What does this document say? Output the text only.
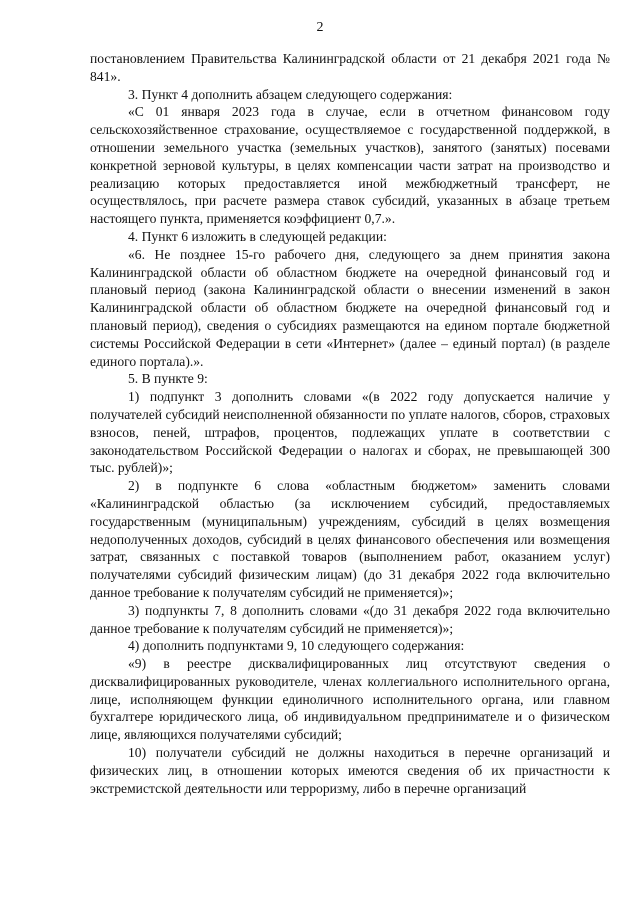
2

постановлением Правительства Калининградской области от 21 декабря 2021 года № 841».

3. Пункт 4 дополнить абзацем следующего содержания:

«С 01 января 2023 года в случае, если в отчетном финансовом году сельскохозяйственное страхование, осуществляемое с государственной поддержкой, в отношении земельного участка (земельных участков), занятого (занятых) посевами конкретной зерновой культуры, в целях компенсации части затрат на производство и реализацию которых предоставляется иной межбюджетный трансферт, не осуществлялось, при расчете размера ставок субсидий, указанных в абзаце третьем настоящего пункта, применяется коэффициент 0,7.».

4. Пункт 6 изложить в следующей редакции:

«6. Не позднее 15-го рабочего дня, следующего за днем принятия закона Калининградской области об областном бюджете на очередной финансовый год и плановый период (закона Калининградской области о внесении изменений в закон Калининградской области об областном бюджете на очередной финансовый год и плановый период), сведения о субсидиях размещаются на едином портале бюджетной системы Российской Федерации в сети «Интернет» (далее – единый портал) (в разделе единого портала).».

5. В пункте 9:

1) подпункт 3 дополнить словами «(в 2022 году допускается наличие у получателей субсидий неисполненной обязанности по уплате налогов, сборов, страховых взносов, пеней, штрафов, процентов, подлежащих уплате в соответствии с законодательством Российской Федерации о налогах и сборах, не превышающей 300 тыс. рублей)»;

2) в подпункте 6 слова «областным бюджетом» заменить словами «Калининградской областью (за исключением субсидий, предоставляемых государственным (муниципальным) учреждениям, субсидий в целях возмещения недополученных доходов, субсидий в целях финансового обеспечения или возмещения затрат, связанных с поставкой товаров (выполнением работ, оказанием услуг) получателями субсидий физическим лицам) (до 31 декабря 2022 года включительно данное требование к получателям субсидий не применяется)»;

3) подпункты 7, 8 дополнить словами «(до 31 декабря 2022 года включительно данное требование к получателям субсидий не применяется)»;

4) дополнить подпунктами 9, 10 следующего содержания:

«9) в реестре дисквалифицированных лиц отсутствуют сведения о дисквалифицированных руководителе, членах коллегиального исполнительного органа, лице, исполняющем функции единоличного исполнительного органа, или главном бухгалтере юридического лица, об индивидуальном предпринимателе и о физическом лице, являющихся получателями субсидий;

10) получатели субсидий не должны находиться в перечне организаций и физических лиц, в отношении которых имеются сведения об их причастности к экстремистской деятельности или терроризму, либо в перечне организаций
